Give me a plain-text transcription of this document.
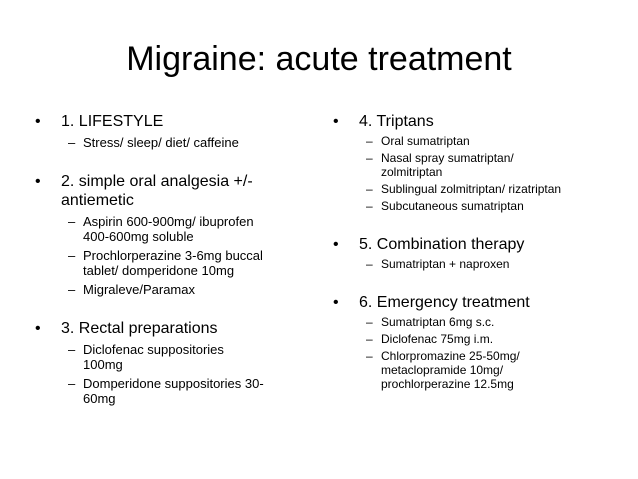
Migraine: acute treatment
• 1. LIFESTYLE
– Stress/ sleep/ diet/ caffeine
• 2. simple oral analgesia +/-
antiemetic
– Aspirin 600-900mg/ ibuprofen
400-600mg soluble
– Prochlorperazine 3-6mg buccal
tablet/ domperidone 10mg
– Migraleve/Paramax
• 3. Rectal preparations
– Diclofenac suppositories
100mg
– Domperidone suppositories 30-
60mg
• 4. Triptans
– Oral sumatriptan
– Nasal spray sumatriptan/
zolmitriptan
– Sublingual zolmitriptan/ rizatriptan
– Subcutaneous sumatriptan
• 5. Combination therapy
– Sumatriptan + naproxen
• 6. Emergency treatment
– Sumatriptan 6mg s.c.
– Diclofenac 75mg i.m.
– Chlorpromazine 25-50mg/
metaclopramide 10mg/
prochlorperazine 12.5mg
